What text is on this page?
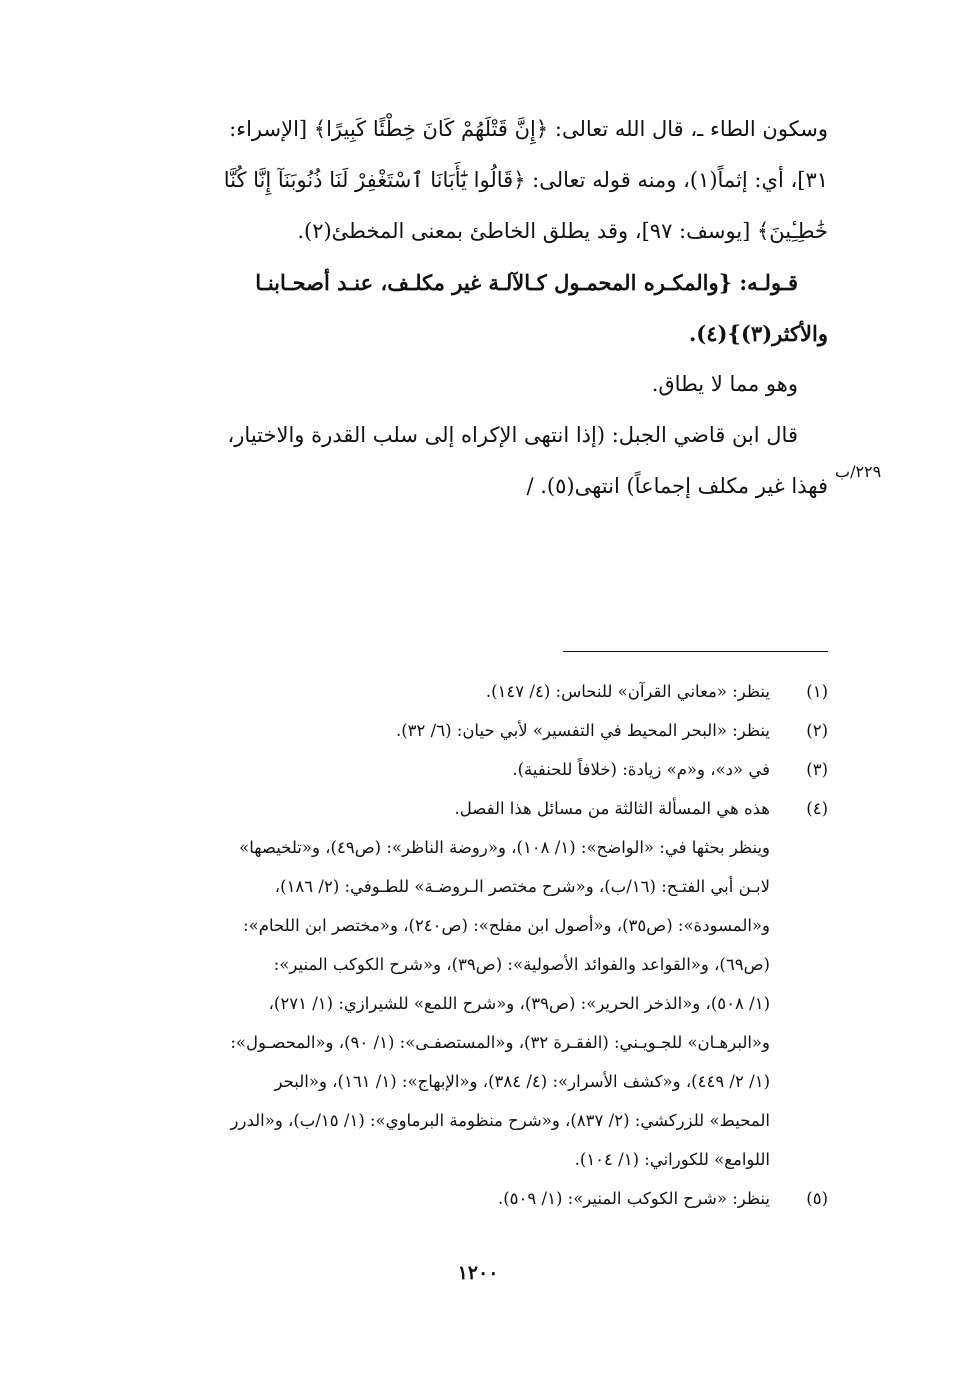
وسكون الطاء ـ، قال الله تعالى: ﴿إِنَّ قَتْلَهُمْ كَانَ خِطْئًا كَبِيرًا﴾ [الإسراء:
٣١]، أي: إثماً(١)، ومنه قوله تعالى: ﴿قَالُوا يَٰٓأَبَانَا ٱسْتَغْفِرْ لَنَا ذُنُوبَنَآ إِنَّا كُنَّا
خَٰطِـِٔينَ﴾ [يوسف: ٩٧]، وقد يطلق الخاطئ بمعنى المخطئ(٢).

قـولـه: {والمكـره المحمـول كـالآلـة غير مكلـف، عنـد أصحـابنـا
والأكثر(٣)}(٤).

وهو مما لا يطاق.

قال ابن قاضي الجبل: (إذا انتهى الإكراه إلى سلب القدرة والاختيار،
فهذا غير مكلف إجماعاً) انتهى(٥). /

٢٢٩/ب
(١)
ينظر: «معاني القرآن» للنحاس: (٤/ ١٤٧).
(٢)
ينظر: «البحر المحيط في التفسير» لأبي حيان: (٦/ ٣٢).
(٣)
في «د»، و«م» زيادة: (خلافاً للحنفية).
(٤)
هذه هي المسألة الثالثة من مسائل هذا الفصل.
وينظر بحثها في: «الواضح»: (١/ ١٠٨)، و«روضة الناظر»: (ص٤٩)، و«تلخيصها»
لابـن أبي الفتـح: (١٦/ب)، و«شرح مختصر الـروضـة» للطـوفي: (٢/ ١٨٦)،
و«المسودة»: (ص٣٥)، و«أصول ابن مفلح»: (ص٢٤٠)، و«مختصر ابن اللحام»:
(ص٦٩)، و«القواعد والفوائد الأصولية»: (ص٣٩)، و«شرح الكوكب المنير»:
(١/ ٥٠٨)، و«الذخر الحرير»: (ص٣٩)، و«شرح اللمع» للشيرازي: (١/ ٢٧١)،
و«البرهـان» للجـويـني: (الفقـرة ٣٢)، و«المستصفـى»: (١/ ٩٠)، و«المحصـول»:
(١/ ٢/ ٤٤٩)، و«كشف الأسرار»: (٤/ ٣٨٤)، و«الإبهاج»: (١/ ١٦١)، و«البحر
المحيط» للزركشي: (٢/ ٨٣٧)، و«شرح منظومة البرماوي»: (١/ ١٥/ب)، و«الدرر
اللوامع» للكوراني: (١/ ١٠٤).
(٥)
ينظر: «شرح الكوكب المنير»: (١/ ٥٠٩).
١٢٠٠
